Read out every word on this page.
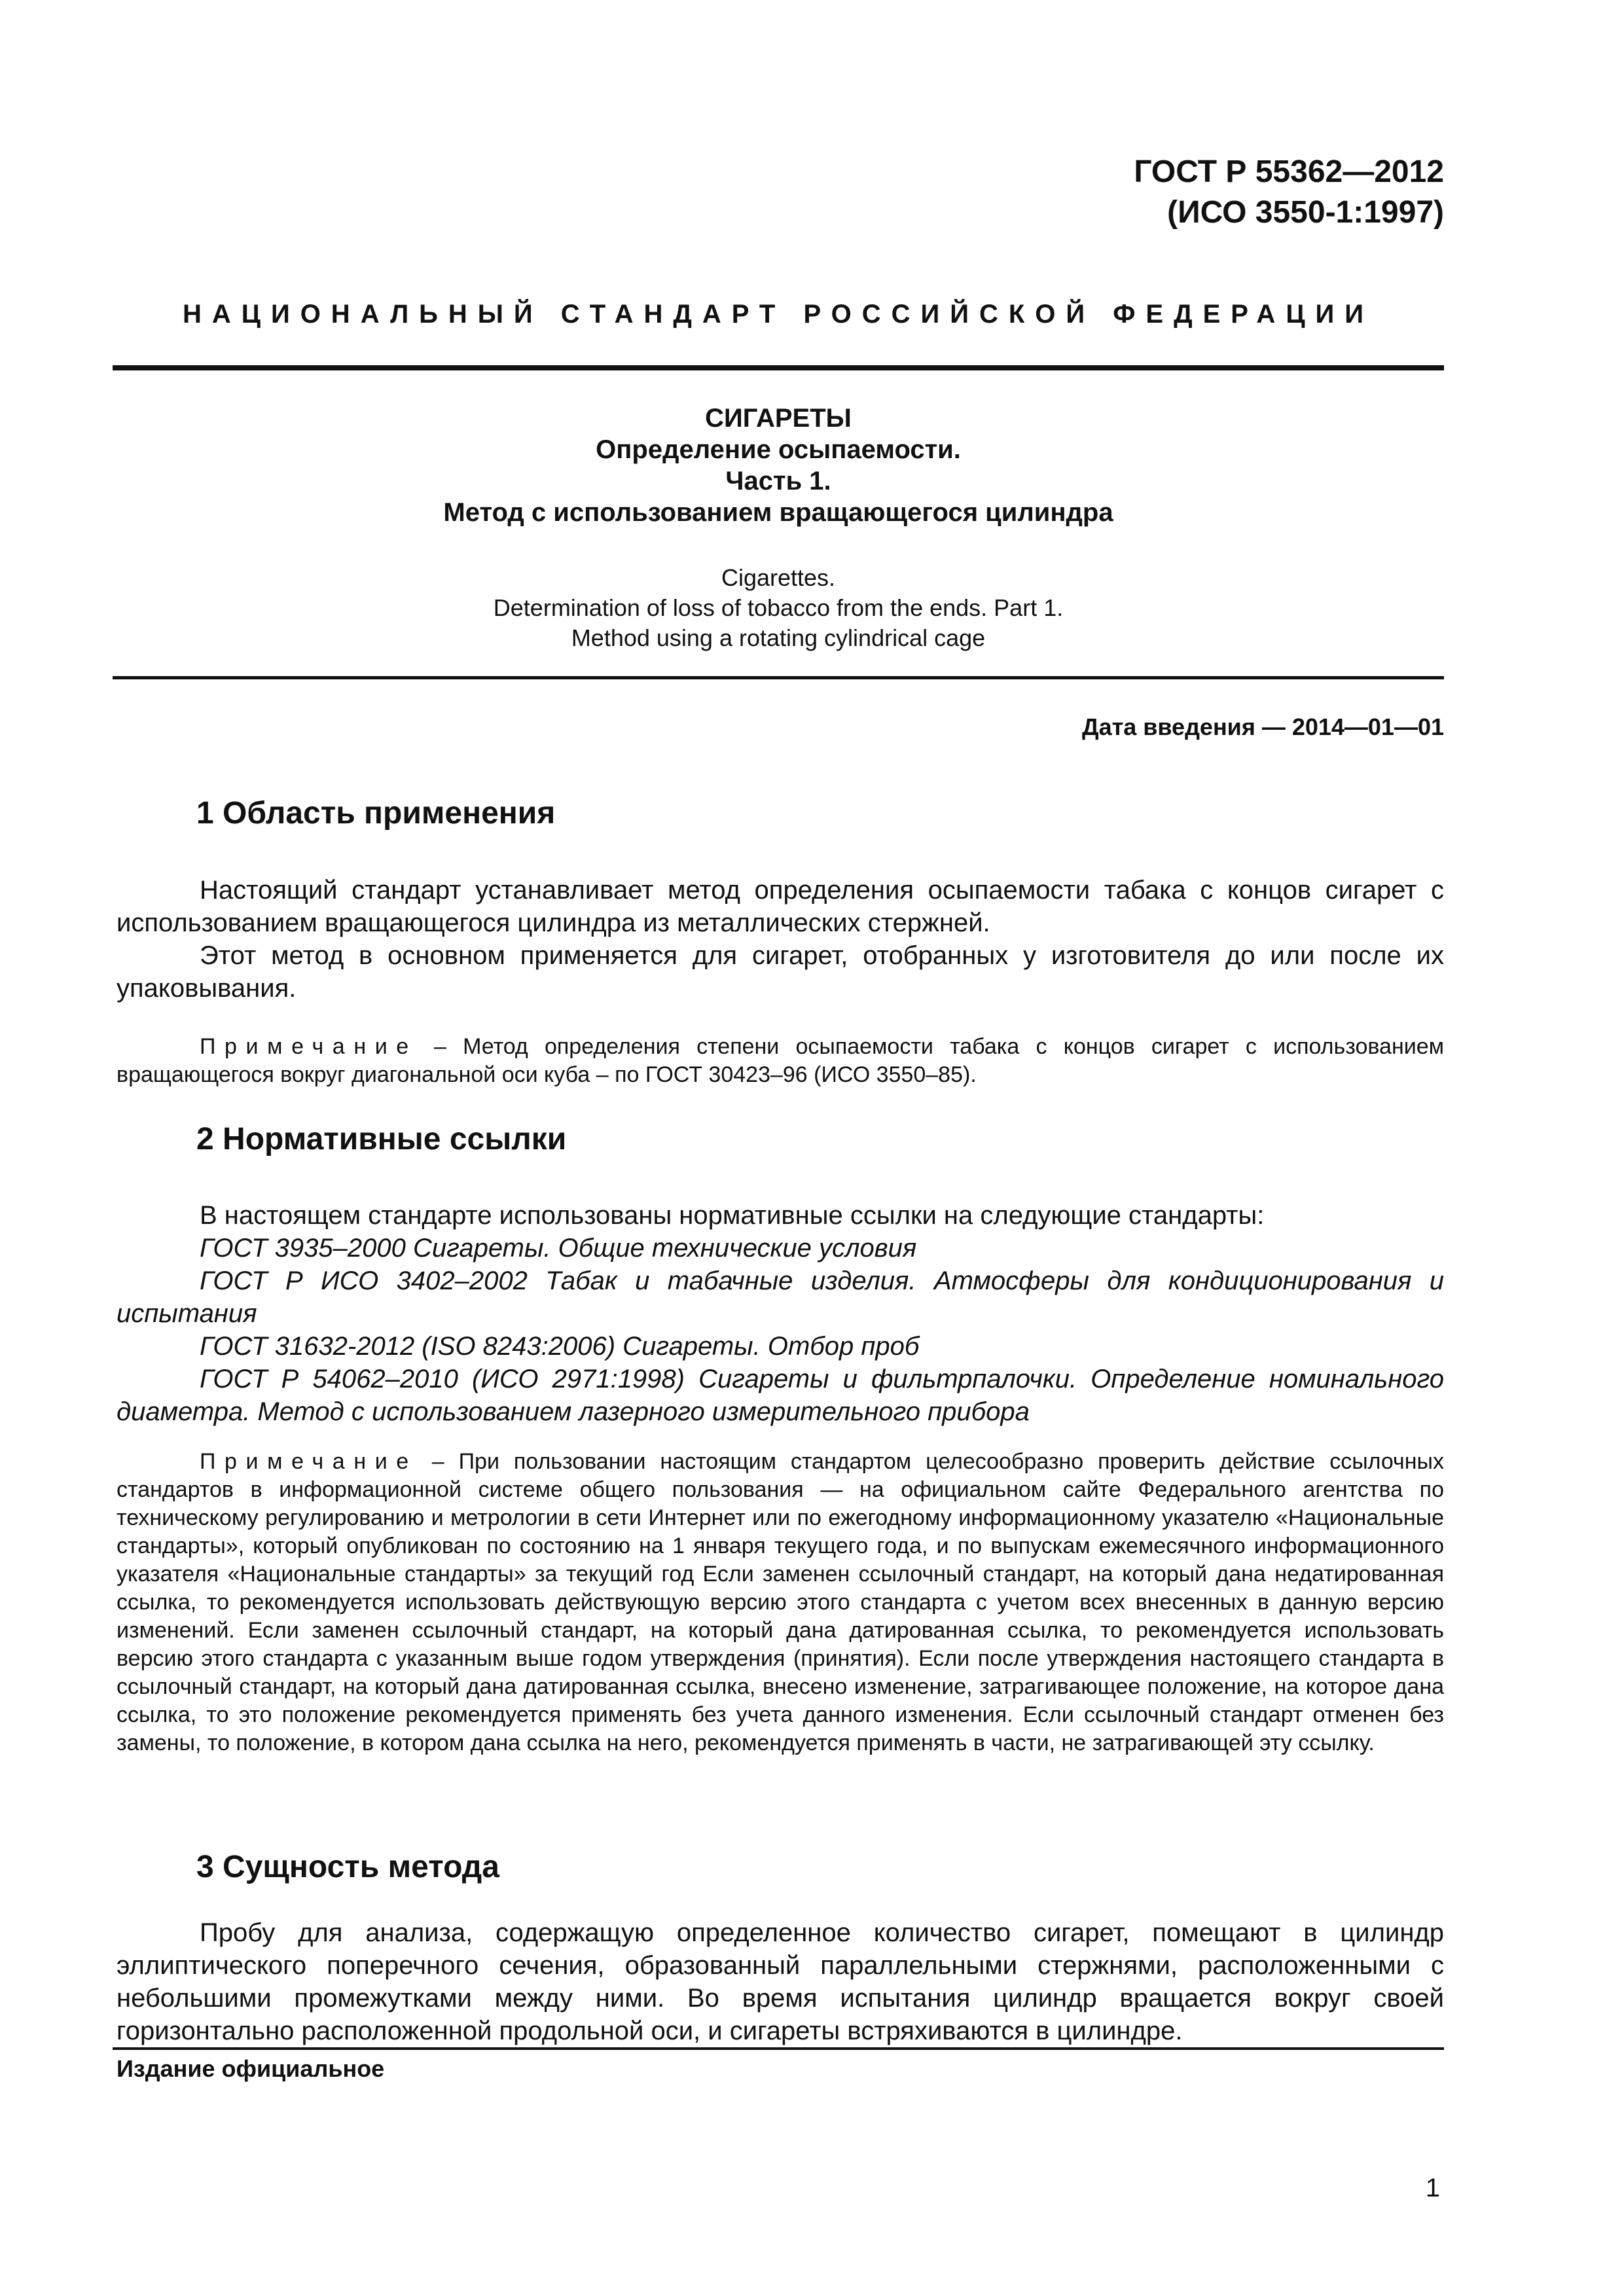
ГОСТ Р 55362—2012
(ИСО 3550-1:1997)
НАЦИОНАЛЬНЫЙ СТАНДАРТ РОССИЙСКОЙ ФЕДЕРАЦИИ
СИГАРЕТЫ
Определение осыпаемости.
Часть 1.
Метод с использованием вращающегося цилиндра
Cigarettes.
Determination of loss of tobacco from the ends. Part 1.
Method using a rotating cylindrical cage
Дата введения — 2014—01—01
1 Область применения

Настоящий стандарт устанавливает метод определения осыпаемости табака с концов сигарет с использованием вращающегося цилиндра из металлических стержней.

Этот метод в основном применяется для сигарет, отобранных у изготовителя до или после их упаковывания.

Примечание – Метод определения степени осыпаемости табака с концов сигарет с использованием вращающегося вокруг диагональной оси куба – по ГОСТ 30423–96 (ИСО 3550–85).

2 Нормативные ссылки

В настоящем стандарте использованы нормативные ссылки на следующие стандарты:

ГОСТ 3935–2000 Сигареты. Общие технические условия

ГОСТ Р ИСО 3402–2002 Табак и табачные изделия. Атмосферы для кондиционирования и испытания

ГОСТ 31632-2012 (ISO 8243:2006) Сигареты. Отбор проб

ГОСТ Р 54062–2010 (ИСО 2971:1998) Сигареты и фильтрпалочки. Определение номинального диаметра. Метод с использованием лазерного измерительного прибора

Примечание – При пользовании настоящим стандартом целесообразно проверить действие ссылочных стандартов в информационной системе общего пользования — на официальном сайте Федерального агентства по техническому регулированию и метрологии в сети Интернет или по ежегодному информационному указателю «Национальные стандарты», который опубликован по состоянию на 1 января текущего года, и по выпускам ежемесячного информационного указателя «Национальные стандарты» за текущий год Если заменен ссылочный стандарт, на который дана недатированная ссылка, то рекомендуется использовать действующую версию этого стандарта с учетом всех внесенных в данную версию изменений. Если заменен ссылочный стандарт, на который дана датированная ссылка, то рекомендуется использовать версию этого стандарта с указанным выше годом утверждения (принятия). Если после утверждения настоящего стандарта в ссылочный стандарт, на который дана датированная ссылка, внесено изменение, затрагивающее положение, на которое дана ссылка, то это положение рекомендуется применять без учета данного изменения. Если ссылочный стандарт отменен без замены, то положение, в котором дана ссылка на него, рекомендуется применять в части, не затрагивающей эту ссылку.

3 Сущность метода

Пробу для анализа, содержащую определенное количество сигарет, помещают в цилиндр эллиптического поперечного сечения, образованный параллельными стержнями, расположенными с небольшими промежутками между ними. Во время испытания цилиндр вращается вокруг своей горизонтально расположенной продольной оси, и сигареты встряхиваются в цилиндре.

Издание официальное
1
